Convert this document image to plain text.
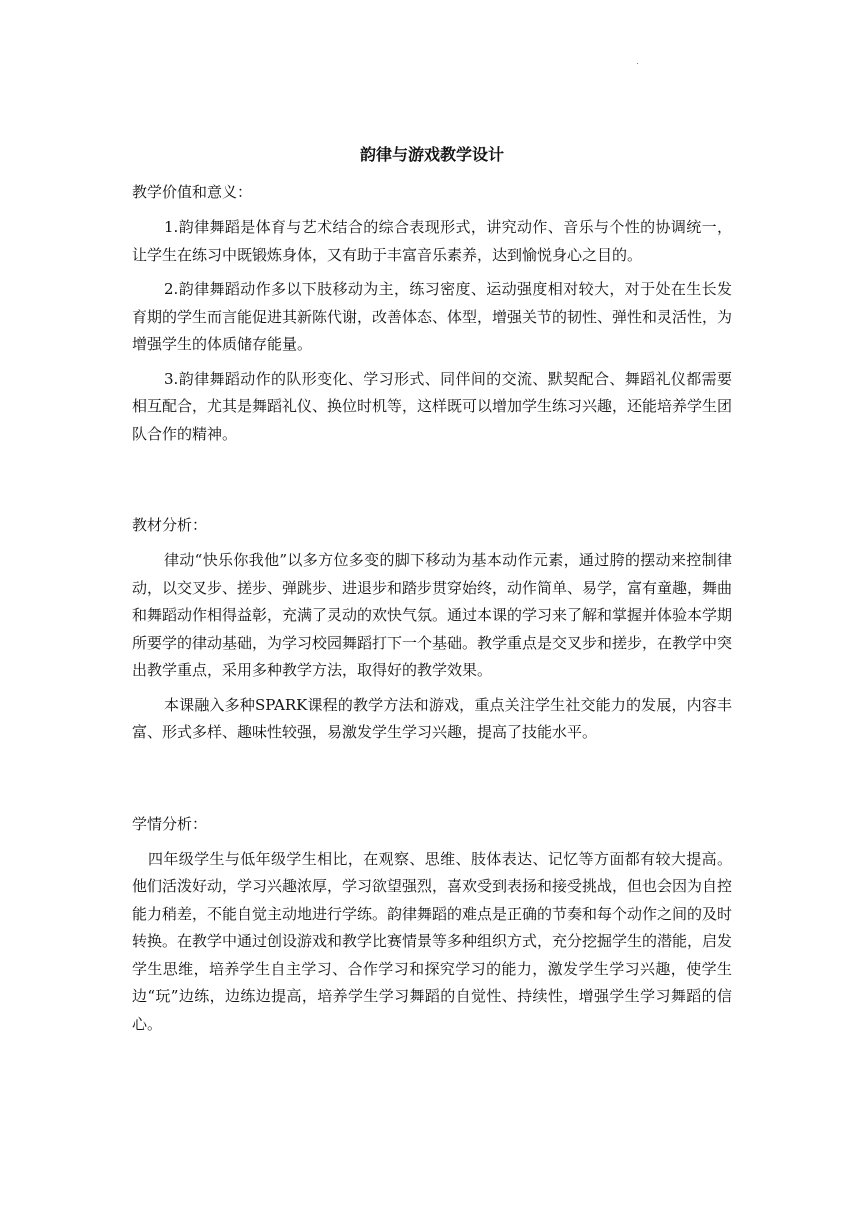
·
韵律与游戏教学设计
教学价值和意义：

1.韵律舞蹈是体育与艺术结合的综合表现形式，讲究动作、音乐与个性的协调统一，让学生在练习中既锻炼身体，又有助于丰富音乐素养，达到愉悦身心之目的。

2.韵律舞蹈动作多以下肢移动为主，练习密度、运动强度相对较大，对于处在生长发育期的学生而言能促进其新陈代谢，改善体态、体型，增强关节的韧性、弹性和灵活性，为增强学生的体质储存能量。

3.韵律舞蹈动作的队形变化、学习形式、同伴间的交流、默契配合、舞蹈礼仪都需要相互配合，尤其是舞蹈礼仪、换位时机等，这样既可以增加学生练习兴趣，还能培养学生团队合作的精神。

教材分析：

律动“快乐你我他”以多方位多变的脚下移动为基本动作元素，通过胯的摆动来控制律动，以交叉步、搓步、弹跳步、进退步和踏步贯穿始终，动作简单、易学，富有童趣，舞曲和舞蹈动作相得益彰，充满了灵动的欢快气氛。通过本课的学习来了解和掌握并体验本学期所要学的律动基础，为学习校园舞蹈打下一个基础。教学重点是交叉步和搓步，在教学中突出教学重点，采用多种教学方法，取得好的教学效果。

本课融入多种SPARK课程的教学方法和游戏，重点关注学生社交能力的发展，内容丰富、形式多样、趣味性较强，易激发学生学习兴趣，提高了技能水平。

学情分析：

四年级学生与低年级学生相比，在观察、思维、肢体表达、记忆等方面都有较大提高。他们活泼好动，学习兴趣浓厚，学习欲望强烈，喜欢受到表扬和接受挑战，但也会因为自控能力稍差，不能自觉主动地进行学练。韵律舞蹈的难点是正确的节奏和每个动作之间的及时转换。在教学中通过创设游戏和教学比赛情景等多种组织方式，充分挖掘学生的潜能，启发学生思维，培养学生自主学习、合作学习和探究学习的能力，激发学生学习兴趣，使学生边“玩”边练，边练边提高，培养学生学习舞蹈的自觉性、持续性，增强学生学习舞蹈的信心。
